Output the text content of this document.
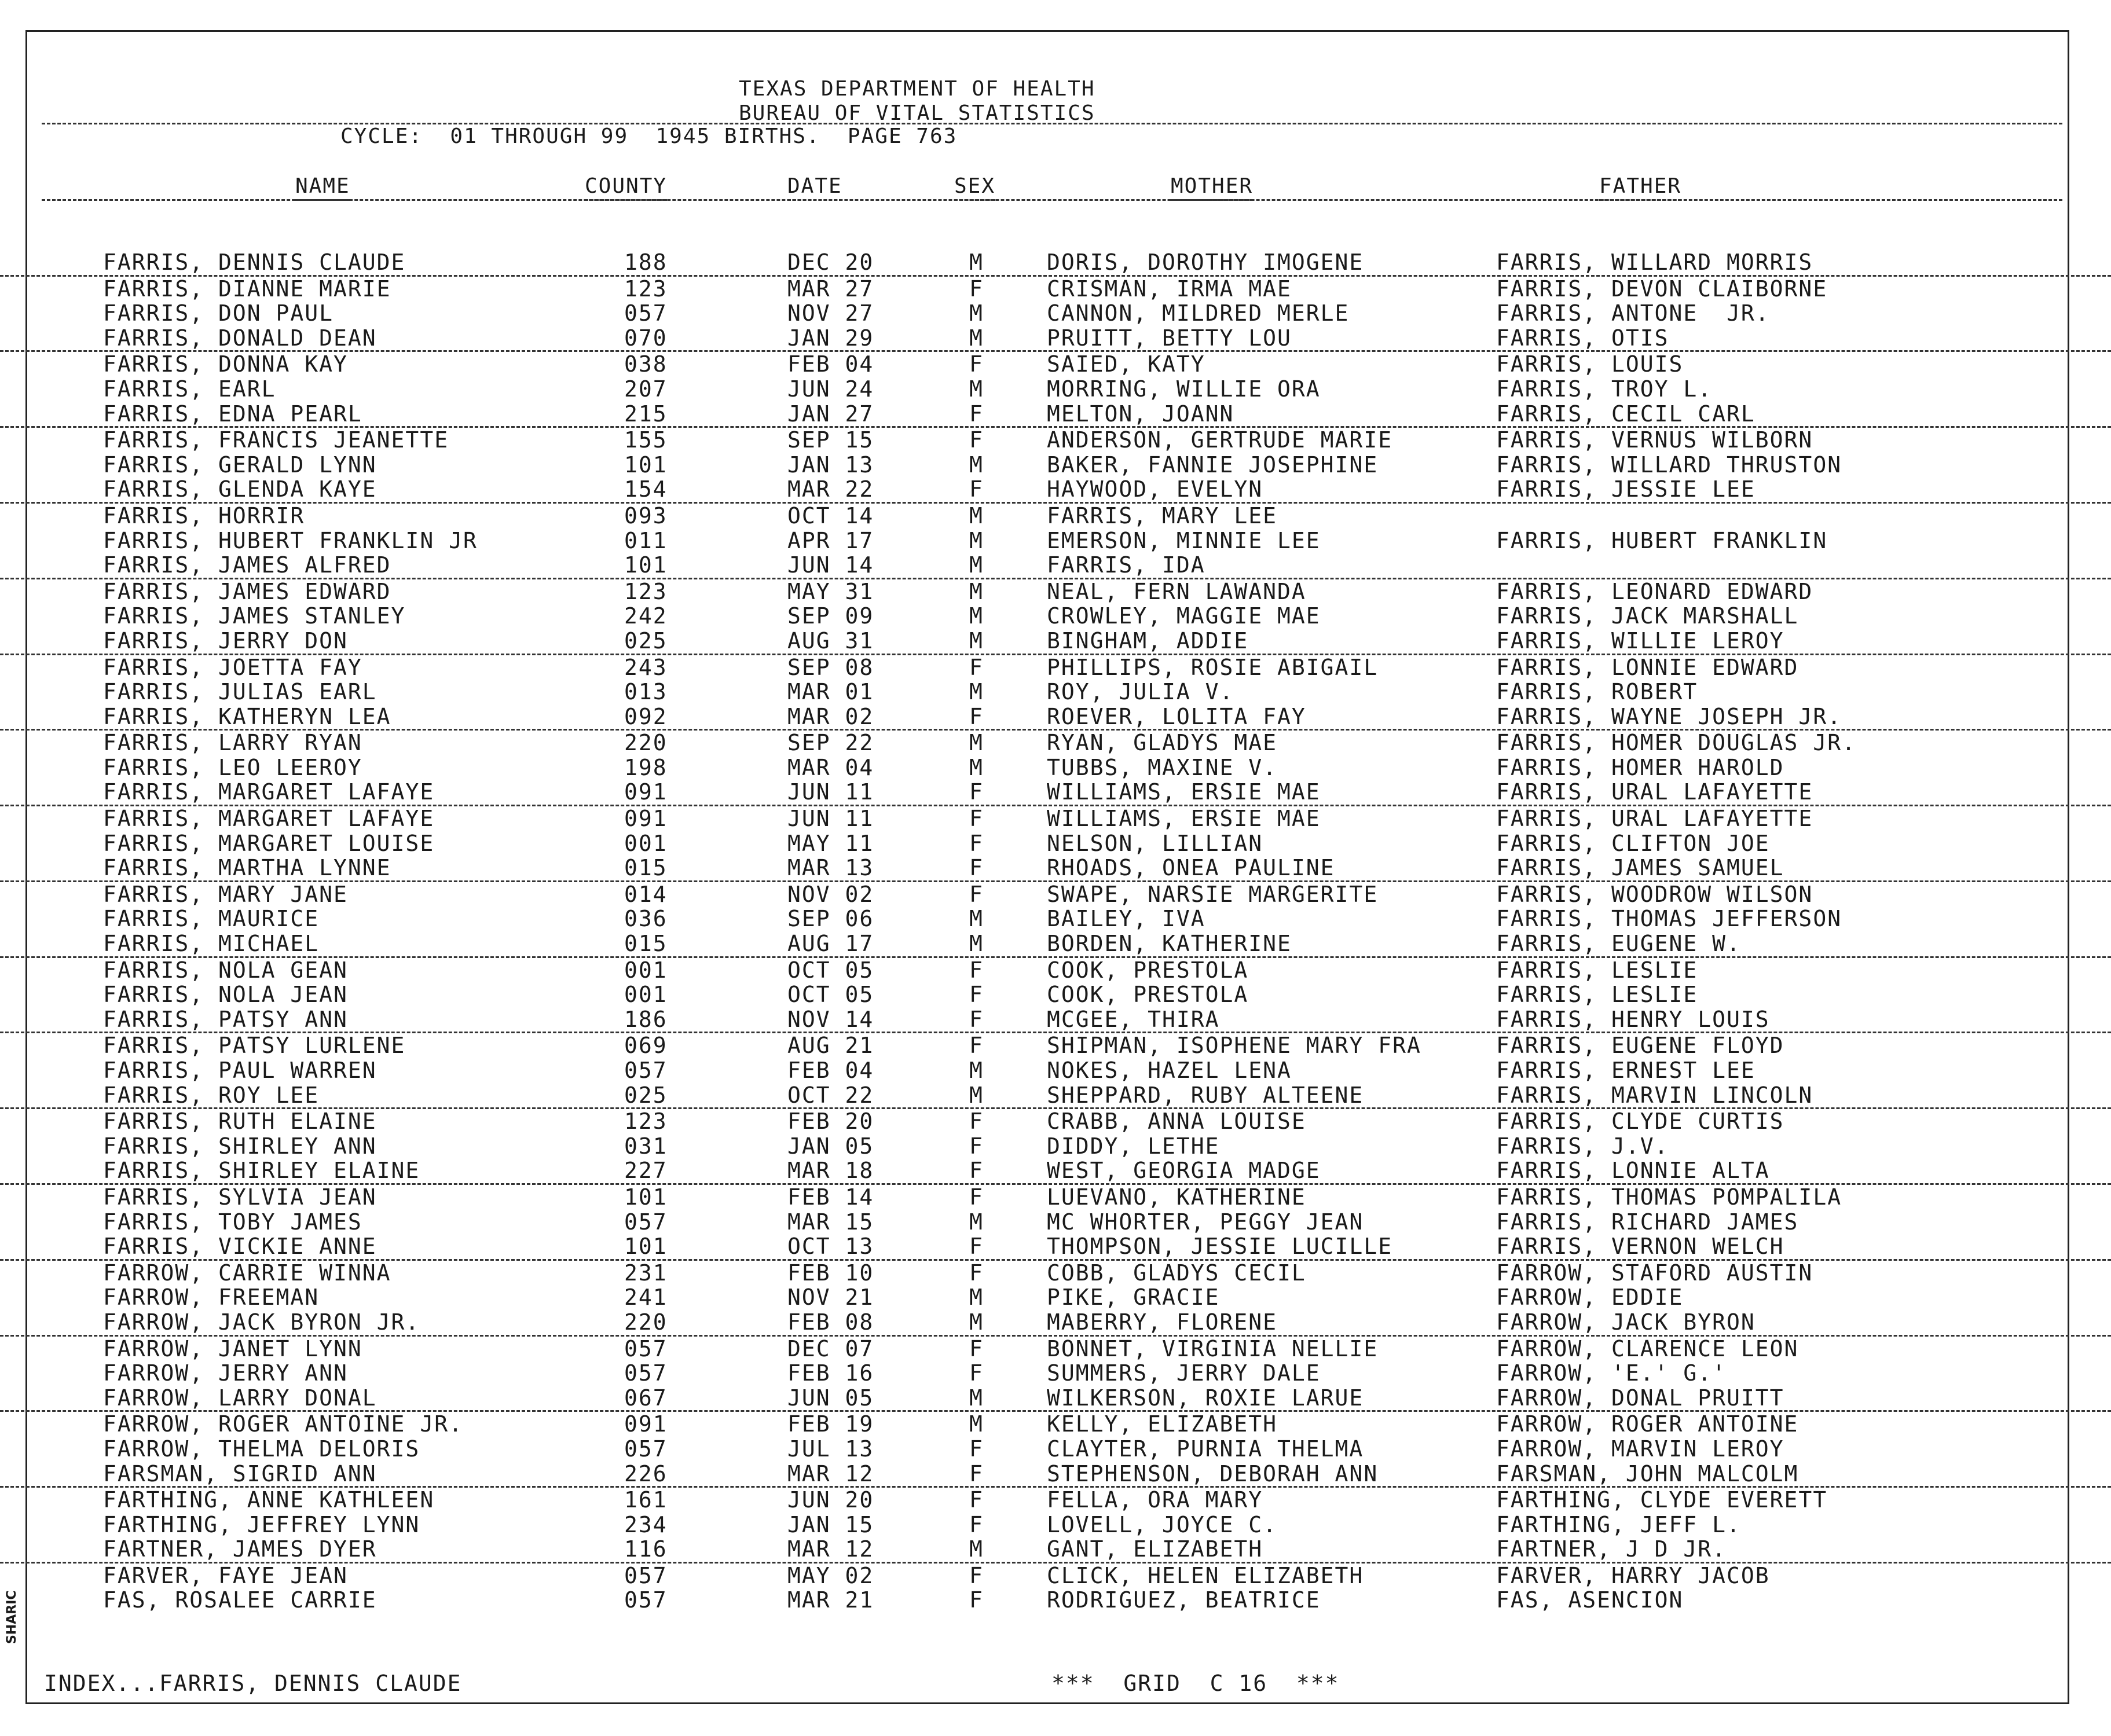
TEXAS DEPARTMENT OF HEALTH
BUREAU OF VITAL STATISTICS
CYCLE:  01 THROUGH 99  1945 BIRTHS.  PAGE 763
NAME	COUNTY	DATE	SEX	MOTHER	FATHER
FARRIS, DENNIS CLAUDE	188	DEC 20	M	DORIS, DOROTHY IMOGENE	FARRIS, WILLARD MORRIS
FARRIS, DIANNE MARIE	123	MAR 27	F	CRISMAN, IRMA MAE	FARRIS, DEVON CLAIBORNE
FARRIS, DON PAUL	057	NOV 27	M	CANNON, MILDRED MERLE	FARRIS, ANTONE  JR.
FARRIS, DONALD DEAN	070	JAN 29	M	PRUITT, BETTY LOU	FARRIS, OTIS
FARRIS, DONNA KAY	038	FEB 04	F	SAIED, KATY	FARRIS, LOUIS
FARRIS, EARL	207	JUN 24	M	MORRING, WILLIE ORA	FARRIS, TROY L.
FARRIS, EDNA PEARL	215	JAN 27	F	MELTON, JOANN	FARRIS, CECIL CARL
FARRIS, FRANCIS JEANETTE	155	SEP 15	F	ANDERSON, GERTRUDE MARIE	FARRIS, VERNUS WILBORN
FARRIS, GERALD LYNN	101	JAN 13	M	BAKER, FANNIE JOSEPHINE	FARRIS, WILLARD THRUSTON
FARRIS, GLENDA KAYE	154	MAR 22	F	HAYWOOD, EVELYN	FARRIS, JESSIE LEE
FARRIS, HORRIR	093	OCT 14	M	FARRIS, MARY LEE
FARRIS, HUBERT FRANKLIN JR	011	APR 17	M	EMERSON, MINNIE LEE	FARRIS, HUBERT FRANKLIN
FARRIS, JAMES ALFRED	101	JUN 14	M	FARRIS, IDA
FARRIS, JAMES EDWARD	123	MAY 31	M	NEAL, FERN LAWANDA	FARRIS, LEONARD EDWARD
FARRIS, JAMES STANLEY	242	SEP 09	M	CROWLEY, MAGGIE MAE	FARRIS, JACK MARSHALL
FARRIS, JERRY DON	025	AUG 31	M	BINGHAM, ADDIE	FARRIS, WILLIE LEROY
FARRIS, JOETTA FAY	243	SEP 08	F	PHILLIPS, ROSIE ABIGAIL	FARRIS, LONNIE EDWARD
FARRIS, JULIAS EARL	013	MAR 01	M	ROY, JULIA V.	FARRIS, ROBERT
FARRIS, KATHERYN LEA	092	MAR 02	F	ROEVER, LOLITA FAY	FARRIS, WAYNE JOSEPH JR.
FARRIS, LARRY RYAN	220	SEP 22	M	RYAN, GLADYS MAE	FARRIS, HOMER DOUGLAS JR.
FARRIS, LEO LEEROY	198	MAR 04	M	TUBBS, MAXINE V.	FARRIS, HOMER HAROLD
FARRIS, MARGARET LAFAYE	091	JUN 11	F	WILLIAMS, ERSIE MAE	FARRIS, URAL LAFAYETTE
FARRIS, MARGARET LAFAYE	091	JUN 11	F	WILLIAMS, ERSIE MAE	FARRIS, URAL LAFAYETTE
FARRIS, MARGARET LOUISE	001	MAY 11	F	NELSON, LILLIAN	FARRIS, CLIFTON JOE
FARRIS, MARTHA LYNNE	015	MAR 13	F	RHOADS, ONEA PAULINE	FARRIS, JAMES SAMUEL
FARRIS, MARY JANE	014	NOV 02	F	SWAPE, NARSIE MARGERITE	FARRIS, WOODROW WILSON
FARRIS, MAURICE	036	SEP 06	M	BAILEY, IVA	FARRIS, THOMAS JEFFERSON
FARRIS, MICHAEL	015	AUG 17	M	BORDEN, KATHERINE	FARRIS, EUGENE W.
FARRIS, NOLA GEAN	001	OCT 05	F	COOK, PRESTOLA	FARRIS, LESLIE
FARRIS, NOLA JEAN	001	OCT 05	F	COOK, PRESTOLA	FARRIS, LESLIE
FARRIS, PATSY ANN	186	NOV 14	F	MCGEE, THIRA	FARRIS, HENRY LOUIS
FARRIS, PATSY LURLENE	069	AUG 21	F	SHIPMAN, ISOPHENE MARY FRA	FARRIS, EUGENE FLOYD
FARRIS, PAUL WARREN	057	FEB 04	M	NOKES, HAZEL LENA	FARRIS, ERNEST LEE
FARRIS, ROY LEE	025	OCT 22	M	SHEPPARD, RUBY ALTEENE	FARRIS, MARVIN LINCOLN
FARRIS, RUTH ELAINE	123	FEB 20	F	CRABB, ANNA LOUISE	FARRIS, CLYDE CURTIS
FARRIS, SHIRLEY ANN	031	JAN 05	F	DIDDY, LETHE	FARRIS, J.V.
FARRIS, SHIRLEY ELAINE	227	MAR 18	F	WEST, GEORGIA MADGE	FARRIS, LONNIE ALTA
FARRIS, SYLVIA JEAN	101	FEB 14	F	LUEVANO, KATHERINE	FARRIS, THOMAS POMPALILA
FARRIS, TOBY JAMES	057	MAR 15	M	MC WHORTER, PEGGY JEAN	FARRIS, RICHARD JAMES
FARRIS, VICKIE ANNE	101	OCT 13	F	THOMPSON, JESSIE LUCILLE	FARRIS, VERNON WELCH
FARROW, CARRIE WINNA	231	FEB 10	F	COBB, GLADYS CECIL	FARROW, STAFORD AUSTIN
FARROW, FREEMAN	241	NOV 21	M	PIKE, GRACIE	FARROW, EDDIE
FARROW, JACK BYRON JR.	220	FEB 08	M	MABERRY, FLORENE	FARROW, JACK BYRON
FARROW, JANET LYNN	057	DEC 07	F	BONNET, VIRGINIA NELLIE	FARROW, CLARENCE LEON
FARROW, JERRY ANN	057	FEB 16	F	SUMMERS, JERRY DALE	FARROW, 'E.' G.'
FARROW, LARRY DONAL	067	JUN 05	M	WILKERSON, ROXIE LARUE	FARROW, DONAL PRUITT
FARROW, ROGER ANTOINE JR.	091	FEB 19	M	KELLY, ELIZABETH	FARROW, ROGER ANTOINE
FARROW, THELMA DELORIS	057	JUL 13	F	CLAYTER, PURNIA THELMA	FARROW, MARVIN LEROY
FARSMAN, SIGRID ANN	226	MAR 12	F	STEPHENSON, DEBORAH ANN	FARSMAN, JOHN MALCOLM
FARTHING, ANNE KATHLEEN	161	JUN 20	F	FELLA, ORA MARY	FARTHING, CLYDE EVERETT
FARTHING, JEFFREY LYNN	234	JAN 15	F	LOVELL, JOYCE C.	FARTHING, JEFF L.
FARTNER, JAMES DYER	116	MAR 12	M	GANT, ELIZABETH	FARTNER, J D JR.
FARVER, FAYE JEAN	057	MAY 02	F	CLICK, HELEN ELIZABETH	FARVER, HARRY JACOB
FAS, ROSALEE CARRIE	057	MAR 21	F	RODRIGUEZ, BEATRICE	FAS, ASENCION
INDEX...FARRIS, DENNIS CLAUDE	***  GRID  C 16  ***
SHARIC
